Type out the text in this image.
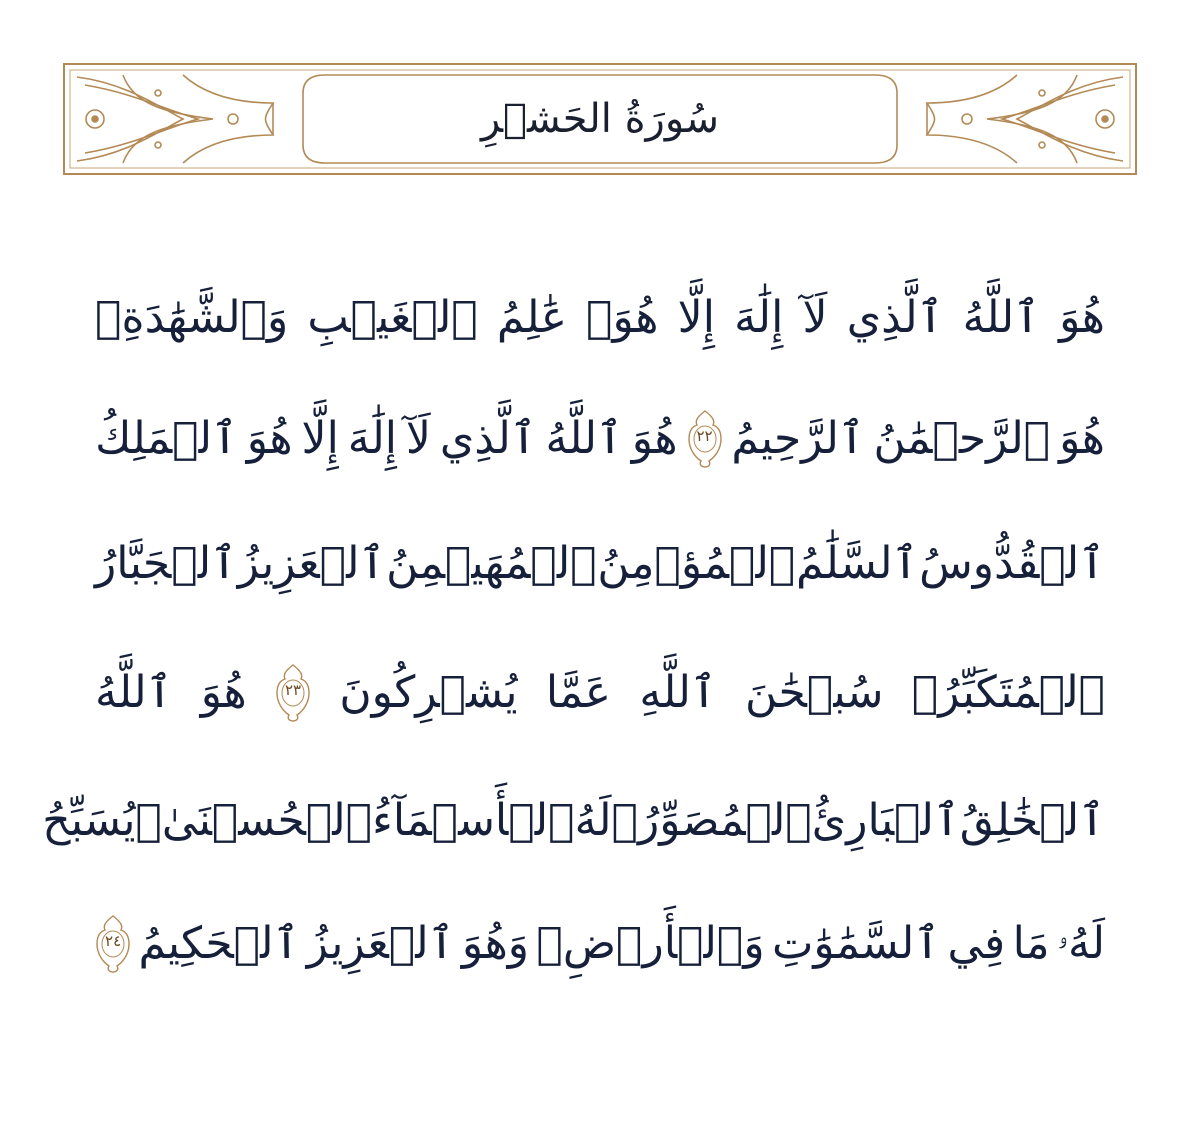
سُورَةُ الحَشۡرِ
هُوَ
ٱللَّهُ
ٱلَّذِي
لَآ
إِلَٰهَ
إِلَّا
هُوَۖ
عَٰلِمُ
ٱلۡغَيۡبِ
وَٱلشَّهَٰدَةِۖ
هُوَ
ٱلرَّحۡمَٰنُ
ٱلرَّحِيمُ
٢٢
هُوَ
ٱللَّهُ
ٱلَّذِي
لَآ
إِلَٰهَ
إِلَّا
هُوَ
ٱلۡمَلِكُ
ٱلۡقُدُّوسُ
ٱلسَّلَٰمُ
ٱلۡمُؤۡمِنُ
ٱلۡمُهَيۡمِنُ
ٱلۡعَزِيزُ
ٱلۡجَبَّارُ
ٱلۡمُتَكَبِّرُۚ
سُبۡحَٰنَ
ٱللَّهِ
عَمَّا
يُشۡرِكُونَ
٢٣
هُوَ
ٱللَّهُ
ٱلۡخَٰلِقُ
ٱلۡبَارِئُ
ٱلۡمُصَوِّرُۖ
لَهُ
ٱلۡأَسۡمَآءُ
ٱلۡحُسۡنَىٰۚ
يُسَبِّحُ
لَهُۥ
مَا
فِي
ٱلسَّمَٰوَٰتِ
وَٱلۡأَرۡضِۖ
وَهُوَ
ٱلۡعَزِيزُ
ٱلۡحَكِيمُ
٢٤
